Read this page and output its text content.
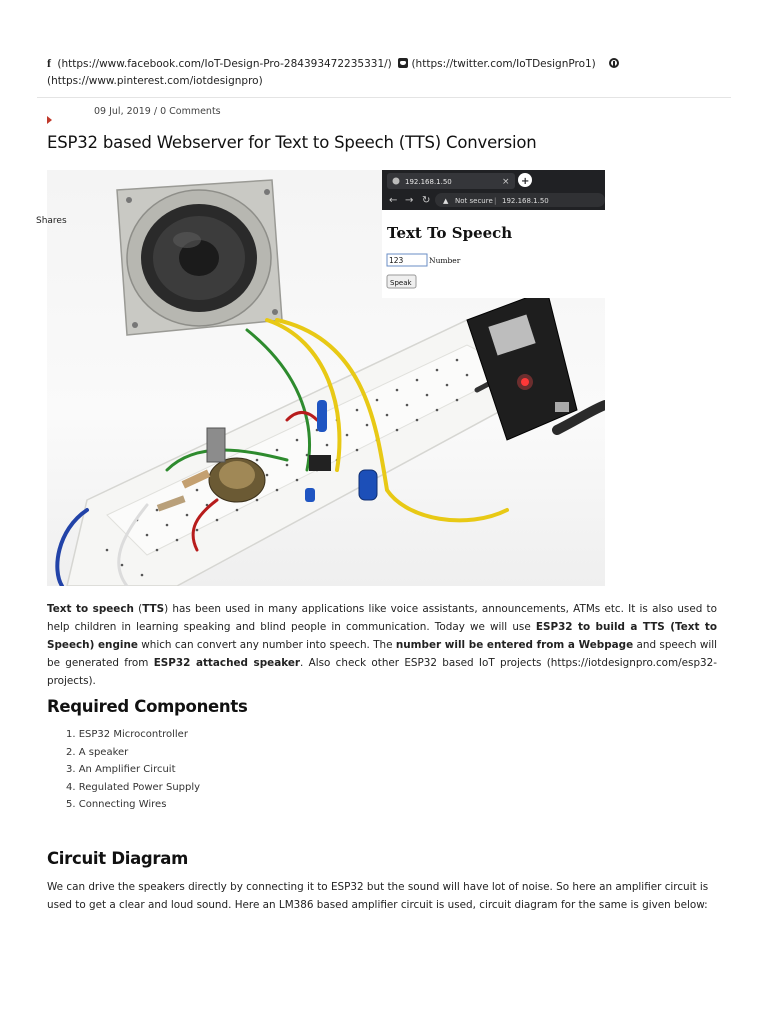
f (https://www.facebook.com/IoT-Design-Pro-284393472235331/) (https://twitter.com/IoTDesignPro1)
(https://www.pinterest.com/iotdesignpro)
09 Jul, 2019 / 0 Comments
ESP32 based Webserver for Text to Speech (TTS) Conversion
192.168.1.50	× +
← → ↻ ▲ Not secure | 192.168.1.50
Text To Speech
123	Number
Speak
Shares

Text to speech (TTS) has been used in many applications like voice assistants, announcements, ATMs etc. It is also used to help children in learning speaking and blind people in communication. Today we will use ESP32 to build a TTS (Text to Speech) engine which can convert any number into speech. The number will be entered from a Webpage and speech will be generated from ESP32 attached speaker. Also check other ESP32 based IoT projects (https://iotdesignpro.com/esp32-projects).

Required Components
1. ESP32 Microcontroller
2. A speaker
3. An Amplifier Circuit
4. Regulated Power Supply
5. Connecting Wires
Circuit Diagram

We can drive the speakers directly by connecting it to ESP32 but the sound will have lot of noise. So here an amplifier circuit is used to get a clear and loud sound. Here an LM386 based amplifier circuit is used, circuit diagram for the same is given below:
